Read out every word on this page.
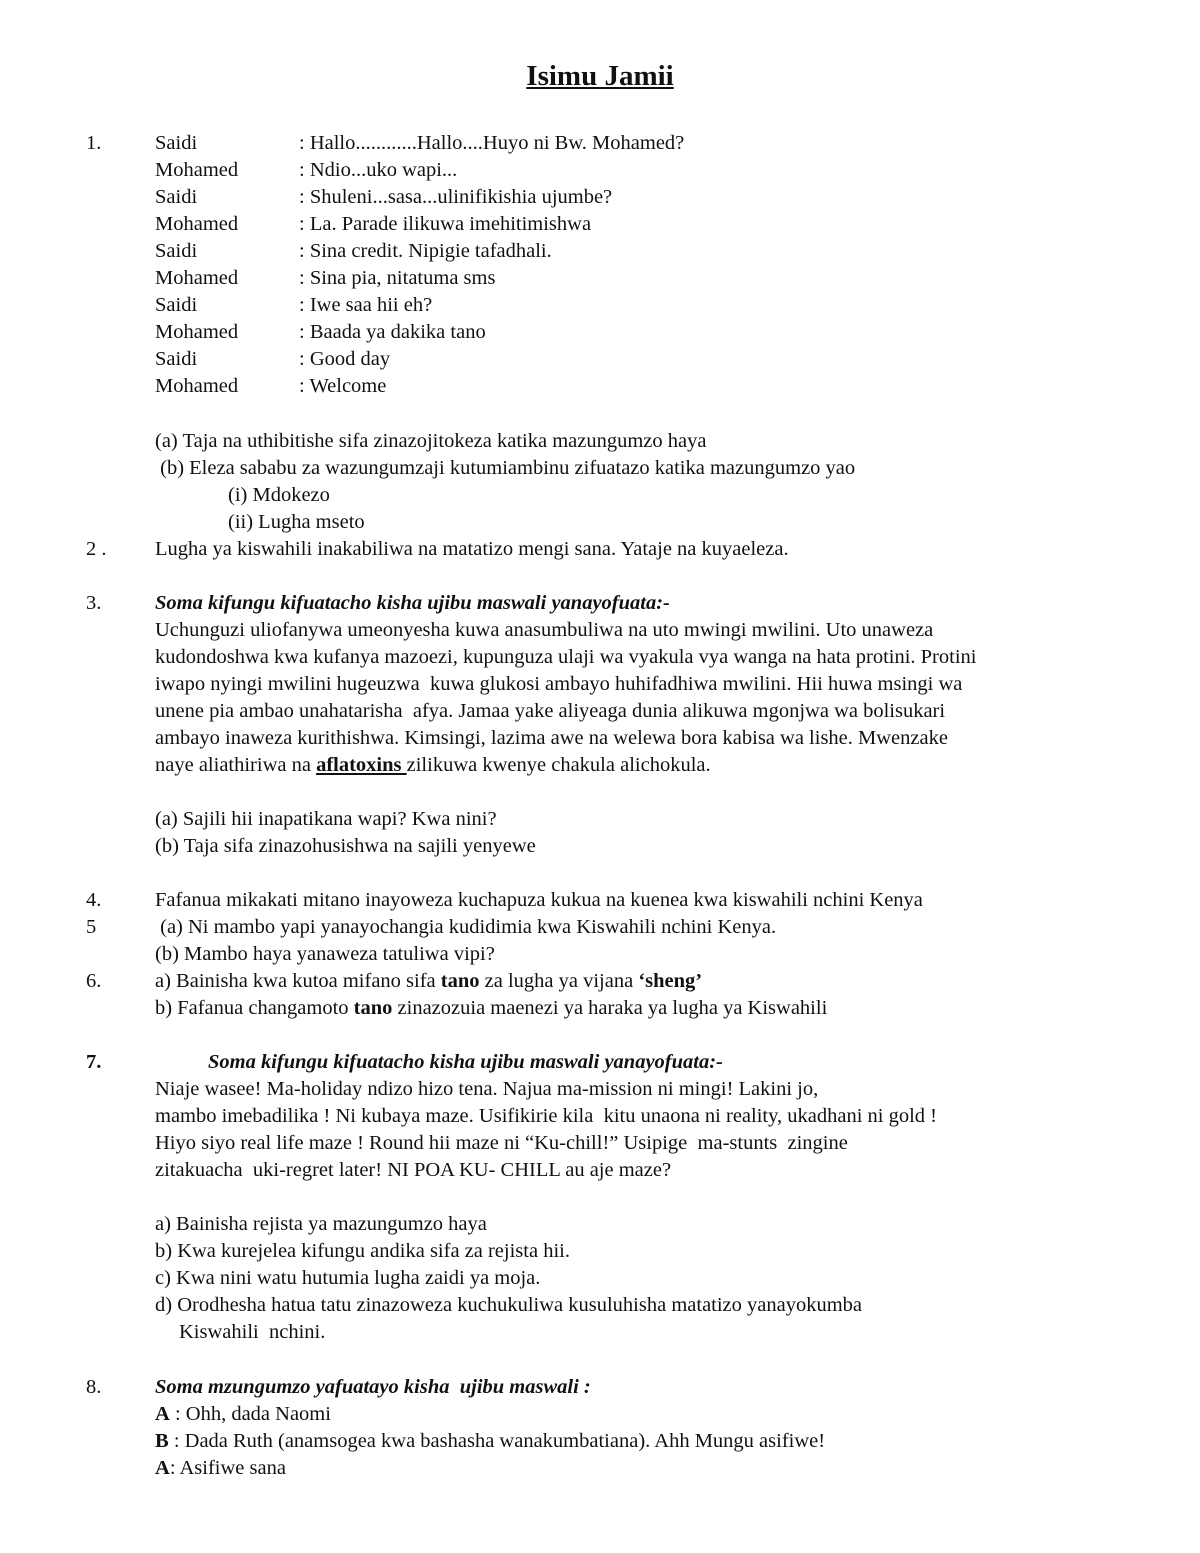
Isimu Jamii
1.	Saidi	: Hallo............Hallo....Huyo ni Bw. Mohamed?
Mohamed	: Ndio...uko wapi...
Saidi	: Shuleni...sasa...ulinifikishia ujumbe?
Mohamed	: La. Parade ilikuwa imehitimishwa
Saidi	: Sina credit. Nipigie tafadhali.
Mohamed	: Sina pia, nitatuma sms
Saidi	: Iwe saa hii eh?
Mohamed	: Baada ya dakika tano
Saidi	: Good day
Mohamed	: Welcome
(a) Taja na uthibitishe sifa zinazojitokeza katika mazungumzo haya
(b) Eleza sababu za wazungumzaji kutumiambinu zifuatazo katika mazungumzo yao
(i) Mdokezo
(ii) Lugha mseto
2 . Lugha ya kiswahili inakabiliwa na matatizo mengi sana. Yataje na kuyaeleza.
3.	Soma kifungu kifuatacho kisha ujibu maswali yanayofuata:-
Uchunguzi uliofanywa umeonyesha kuwa anasumbuliwa na uto mwingi mwilini. Uto unaweza
kudondoshwa kwa kufanya mazoezi, kupunguza ulaji wa vyakula vya wanga na hata protini. Protini
iwapo nyingi mwilini hugeuzwa  kuwa glukosi ambayo huhifadhiwa mwilini. Hii huwa msingi wa
unene pia ambao unahatarisha  afya. Jamaa yake aliyeaga dunia alikuwa mgonjwa wa bolisukari
ambayo inaweza kurithishwa. Kimsingi, lazima awe na welewa bora kabisa wa lishe. Mwenzake
naye aliathiriwa na aflatoxins zilikuwa kwenye chakula alichokula.
(a) Sajili hii inapatikana wapi? Kwa nini?
(b) Taja sifa zinazohusishwa na sajili yenyewe
4.	Fafanua mikakati mitano inayoweza kuchapuza kukua na kuenea kwa kiswahili nchini Kenya
5	(a) Ni mambo yapi yanayochangia kudidimia kwa Kiswahili nchini Kenya.
(b) Mambo haya yanaweza tatuliwa vipi?
6.	a) Bainisha kwa kutoa mifano sifa tano za lugha ya vijana ‘sheng’
b) Fafanua changamoto tano zinazozuia maenezi ya haraka ya lugha ya Kiswahili
7.	Soma kifungu kifuatacho kisha ujibu maswali yanayofuata:-
Niaje wasee! Ma-holiday ndizo hizo tena. Najua ma-mission ni mingi! Lakini jo,
mambo imebadilika ! Ni kubaya maze. Usifikirie kila  kitu unaona ni reality, ukadhani ni gold !
Hiyo siyo real life maze ! Round hii maze ni “Ku-chill!” Usipige  ma-stunts  zingine
zitakuacha  uki-regret later! NI POA KU- CHILL au aje maze?
a) Bainisha rejista ya mazungumzo haya
b) Kwa kurejelea kifungu andika sifa za rejista hii.
c) Kwa nini watu hutumia lugha zaidi ya moja.
d) Orodhesha hatua tatu zinazoweza kuchukuliwa kusuluhisha matatizo yanayokumba
Kiswahili  nchini.
8.	Soma mzungumzo yafuatayo kisha  ujibu maswali :
A : Ohh, dada Naomi
B : Dada Ruth (anamsogea kwa bashasha wanakumbatiana). Ahh Mungu asifiwe!
A: Asifiwe sana
